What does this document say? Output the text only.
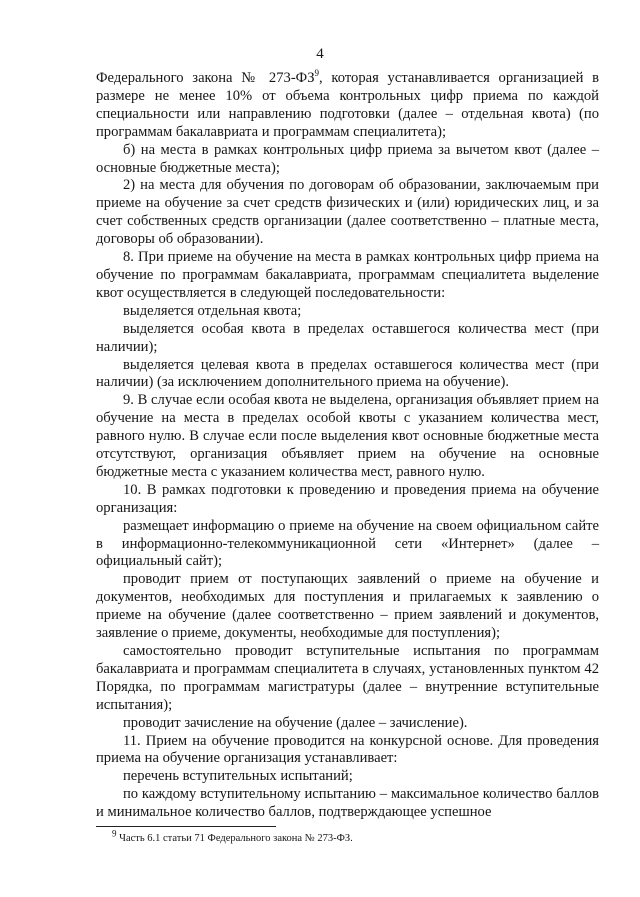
4

Федерального закона № $273-ФЗ^9$, которая устанавливается организацией в размере не менее 10% от объема контрольных цифр приема по каждой специальности или направлению подготовки (далее – отдельная квота) (по программам бакалавриата и программам специалитета);

б) на места в рамках контрольных цифр приема за вычетом квот (далее – основные бюджетные места);

2) на места для обучения по договорам об образовании, заключаемым при приеме на обучение за счет средств физических и (или) юридических лиц, и за счет собственных средств организации (далее соответственно – платные места, договоры об образовании).

8. При приеме на обучение на места в рамках контрольных цифр приема на обучение по программам бакалавриата, программам специалитета выделение квот осуществляется в следующей последовательности:

выделяется отдельная квота;

выделяется особая квота в пределах оставшегося количества мест (при наличии);

выделяется целевая квота в пределах оставшегося количества мест (при наличии) (за исключением дополнительного приема на обучение).

9. В случае если особая квота не выделена, организация объявляет прием на обучение на места в пределах особой квоты с указанием количества мест, равного нулю. В случае если после выделения квот основные бюджетные места отсутствуют, организация объявляет прием на обучение на основные бюджетные места с указанием количества мест, равного нулю.

10. В рамках подготовки к проведению и проведения приема на обучение организация:

размещает информацию о приеме на обучение на своем официальном сайте в информационно-телекоммуникационной сети «Интернет» (далее – официальный сайт);

проводит прием от поступающих заявлений о приеме на обучение и документов, необходимых для поступления и прилагаемых к заявлению о приеме на обучение (далее соответственно – прием заявлений и документов, заявление о приеме, документы, необходимые для поступления);

самостоятельно проводит вступительные испытания по программам бакалавриата и программам специалитета в случаях, установленных пунктом 42 Порядка, по программам магистратуры (далее – внутренние вступительные испытания);

проводит зачисление на обучение (далее – зачисление).

11. Прием на обучение проводится на конкурсной основе. Для проведения приема на обучение организация устанавливает:

перечень вступительных испытаний;

по каждому вступительному испытанию – максимальное количество баллов и минимальное количество баллов, подтверждающее успешное

$^9$ Часть 6.1 статьи 71 Федерального закона № 273-ФЗ.
